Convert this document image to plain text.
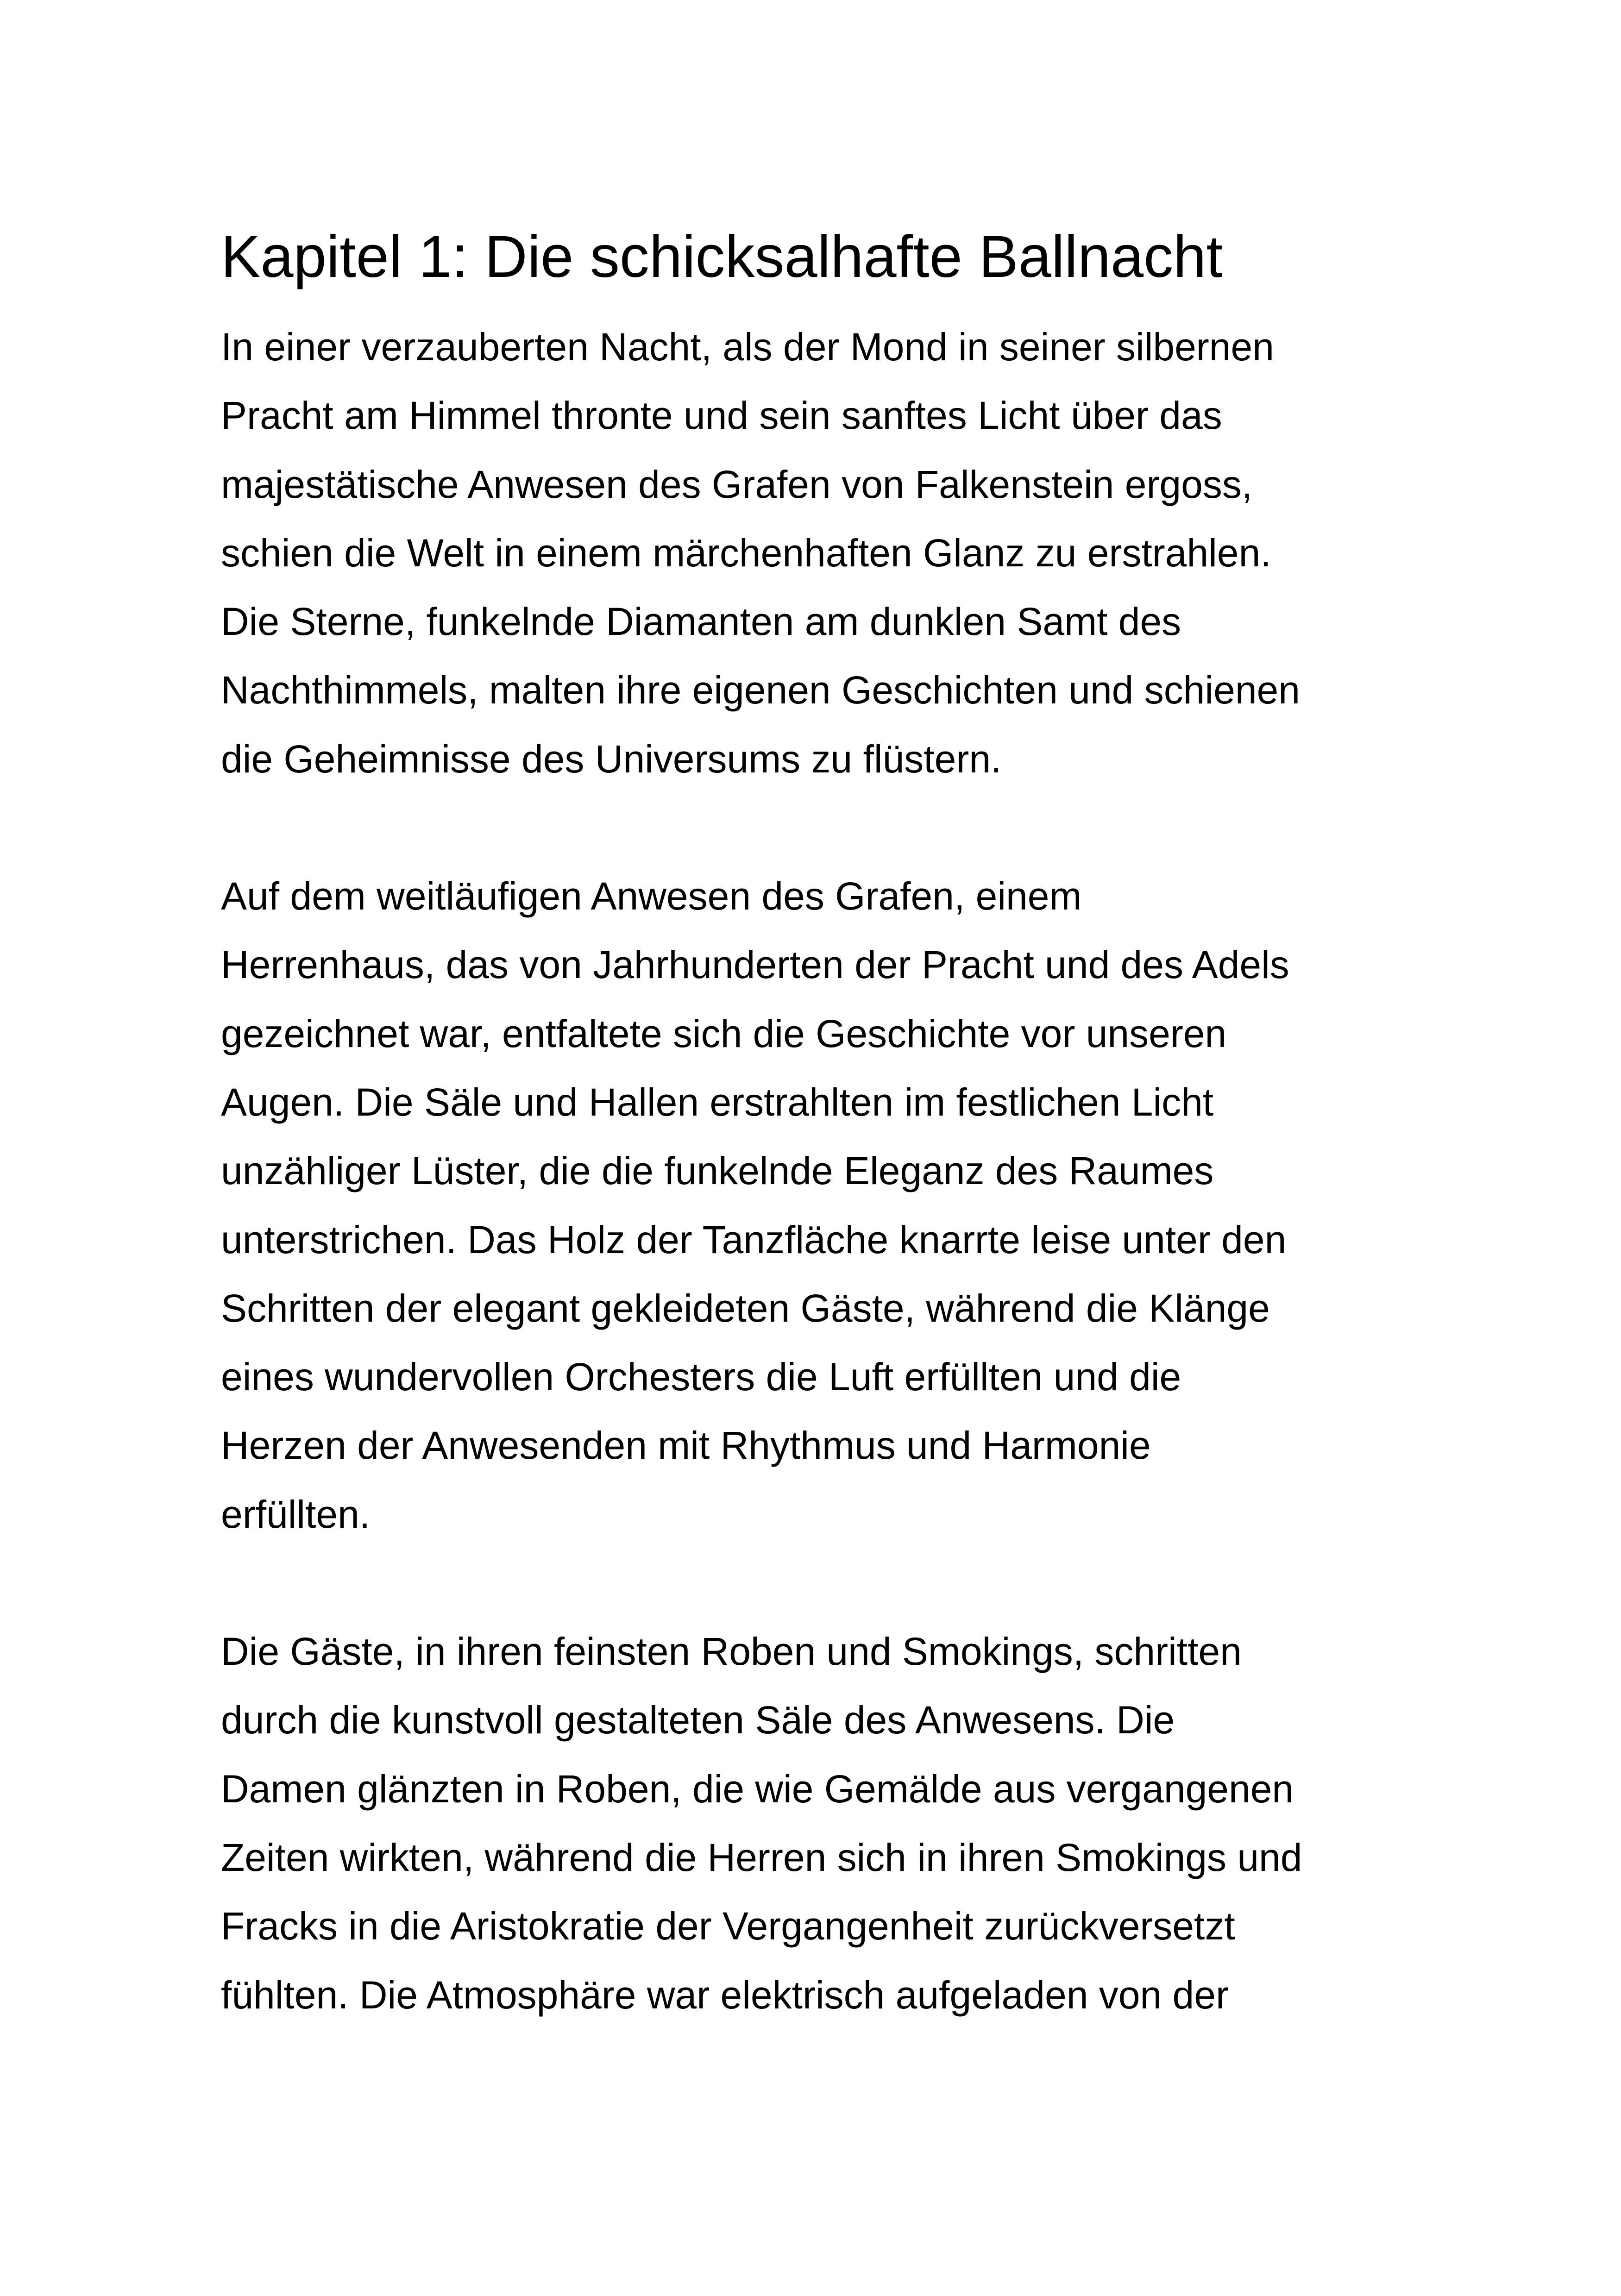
Kapitel 1: Die schicksalhafte Ballnacht
In einer verzauberten Nacht, als der Mond in seiner silbernen
Pracht am Himmel thronte und sein sanftes Licht über das
majestätische Anwesen des Grafen von Falkenstein ergoss,
schien die Welt in einem märchenhaften Glanz zu erstrahlen.
Die Sterne, funkelnde Diamanten am dunklen Samt des
Nachthimmels, malten ihre eigenen Geschichten und schienen
die Geheimnisse des Universums zu flüstern.
Auf dem weitläufigen Anwesen des Grafen, einem
Herrenhaus, das von Jahrhunderten der Pracht und des Adels
gezeichnet war, entfaltete sich die Geschichte vor unseren
Augen. Die Säle und Hallen erstrahlten im festlichen Licht
unzähliger Lüster, die die funkelnde Eleganz des Raumes
unterstrichen. Das Holz der Tanzfläche knarrte leise unter den
Schritten der elegant gekleideten Gäste, während die Klänge
eines wundervollen Orchesters die Luft erfüllten und die
Herzen der Anwesenden mit Rhythmus und Harmonie
erfüllten.
Die Gäste, in ihren feinsten Roben und Smokings, schritten
durch die kunstvoll gestalteten Säle des Anwesens. Die
Damen glänzten in Roben, die wie Gemälde aus vergangenen
Zeiten wirkten, während die Herren sich in ihren Smokings und
Fracks in die Aristokratie der Vergangenheit zurückversetzt
fühlten. Die Atmosphäre war elektrisch aufgeladen von der
